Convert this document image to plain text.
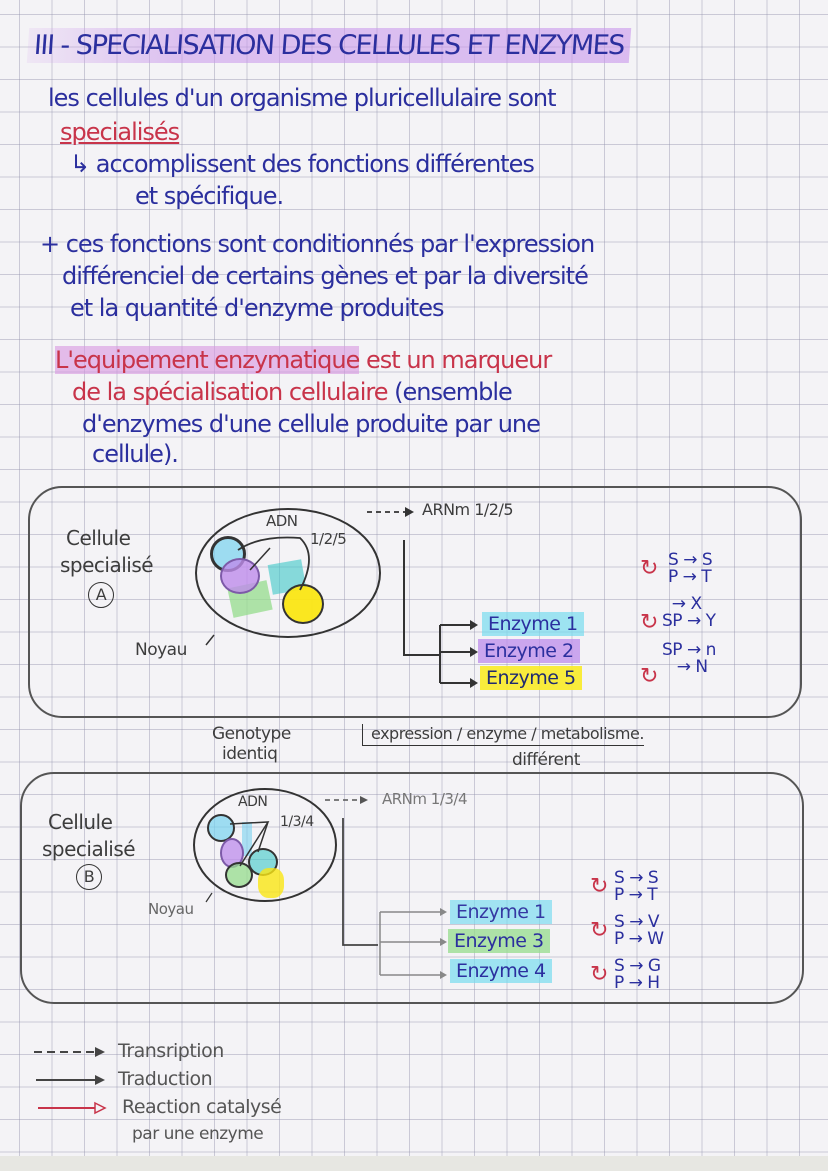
III - SPECIALISATION DES CELLULES ET ENZYMES
les cellules d'un organisme pluricellulaire sont
specialisés
↳ accomplissent des fonctions différentes
et spécifique.
+ ces fonctions sont conditionnés par l'expression
différenciel de certains gènes et par la diversité
et la quantité d'enzyme produites
L'equipement enzymatique est un marqueur
de la spécialisation cellulaire (ensemble
d'enzymes d'une cellule produite par une
cellule).
Cellule
specialisé
A
ADN
1/2/5
Noyau
ARNm 1/2/5
Enzyme 1
Enzyme 2
Enzyme 5
↻ S → S
P → T
↻
→ X
SP → Y
↻
SP → n
→ N
Genotype
identiq
expression / enzyme / metabolisme.
différent
Cellule
specialisé
B
ADN
1/3/4
Noyau
ARNm 1/3/4
Enzyme 1
Enzyme 3
Enzyme 4
↻ S → S
P → T
↻ S → V
P → W
↻ S → G
P → H
Transription
Traduction
Reaction catalysé
par une enzyme
